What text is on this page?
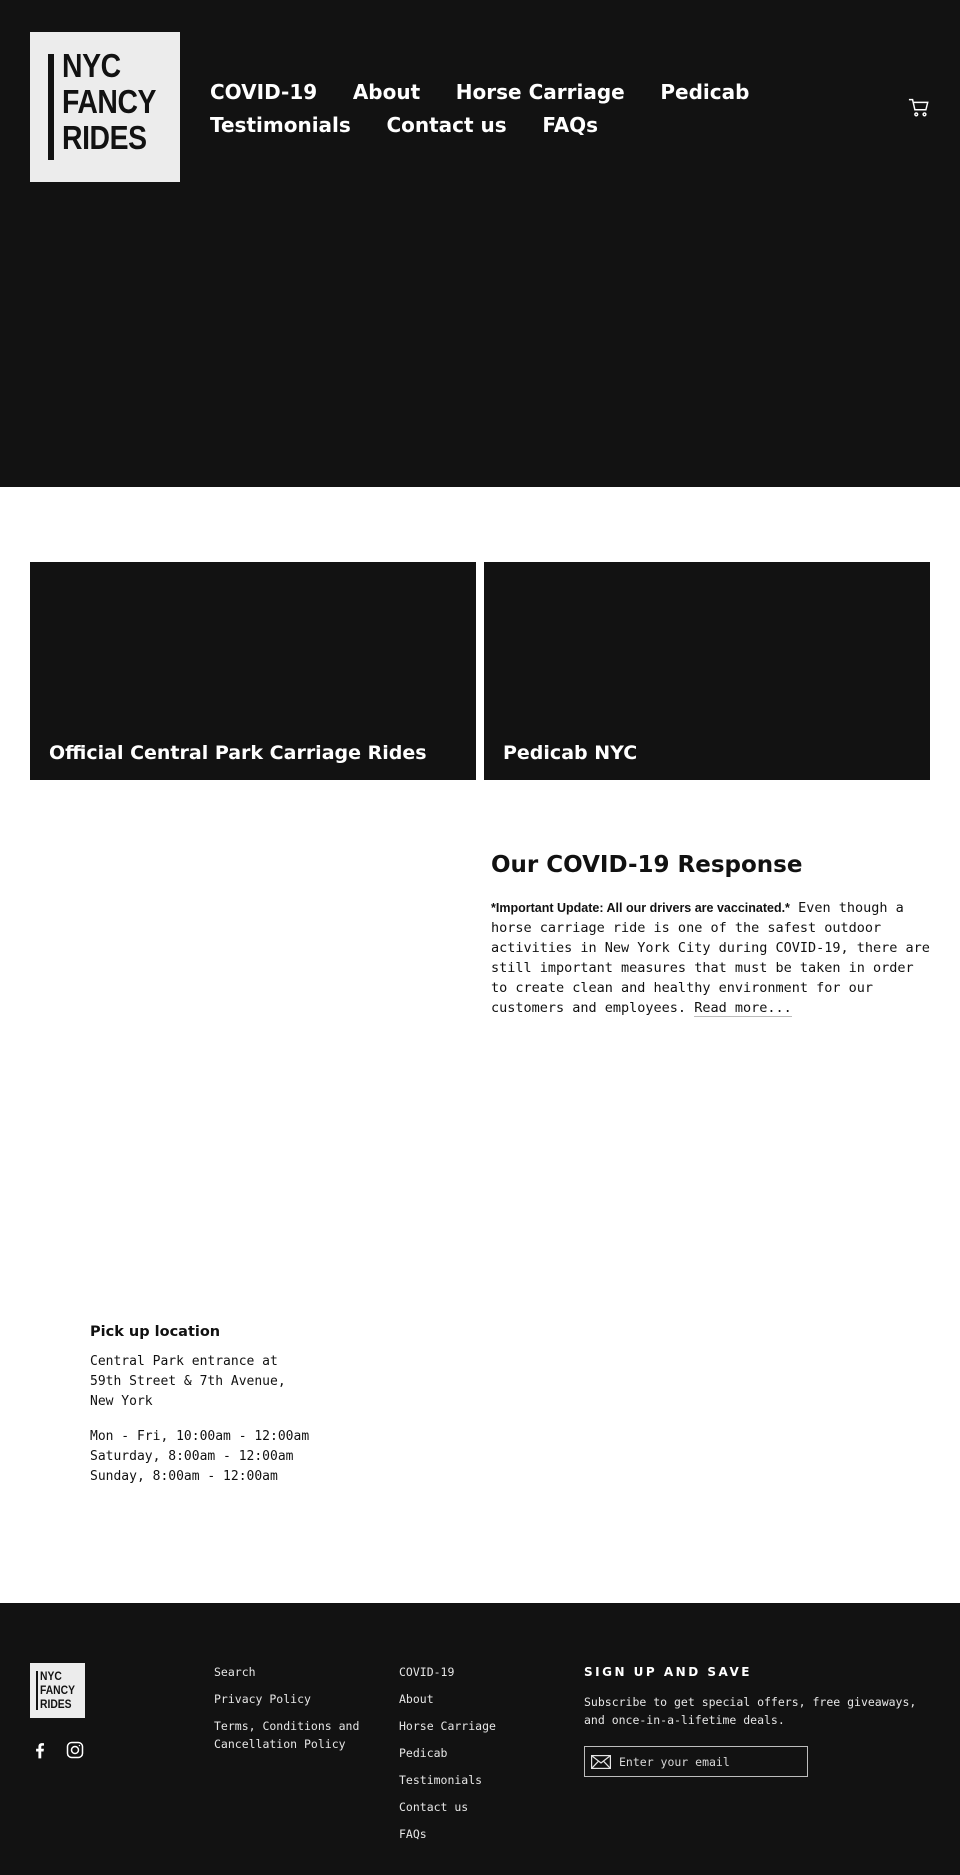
NYC
FANCY
RIDES
COVID-19 About Horse Carriage Pedicab Testimonials Contact us FAQs
Official Central Park Carriage Rides	Pedicab NYC
Our COVID-19 Response

*Important Update: All our drivers are vaccinated.* Even though a horse carriage ride is one of the safest outdoor activities in New York City during COVID-19, there are still important measures that must be taken in order to create clean and healthy environment for our customers and employees. Read more...

Pick up location
Central Park entrance at
59th Street & 7th Avenue,
New York
Mon - Fri, 10:00am - 12:00am
Saturday, 8:00am - 12:00am
Sunday, 8:00am - 12:00am
NYC
FANCY
RIDES
Search
Privacy Policy
Terms, Conditions and Cancellation Policy
COVID-19
About
Horse Carriage
Pedicab
Testimonials
Contact us
FAQs
SIGN UP AND SAVE
Subscribe to get special offers, free giveaways, and once-in-a-lifetime deals.
Enter your email
